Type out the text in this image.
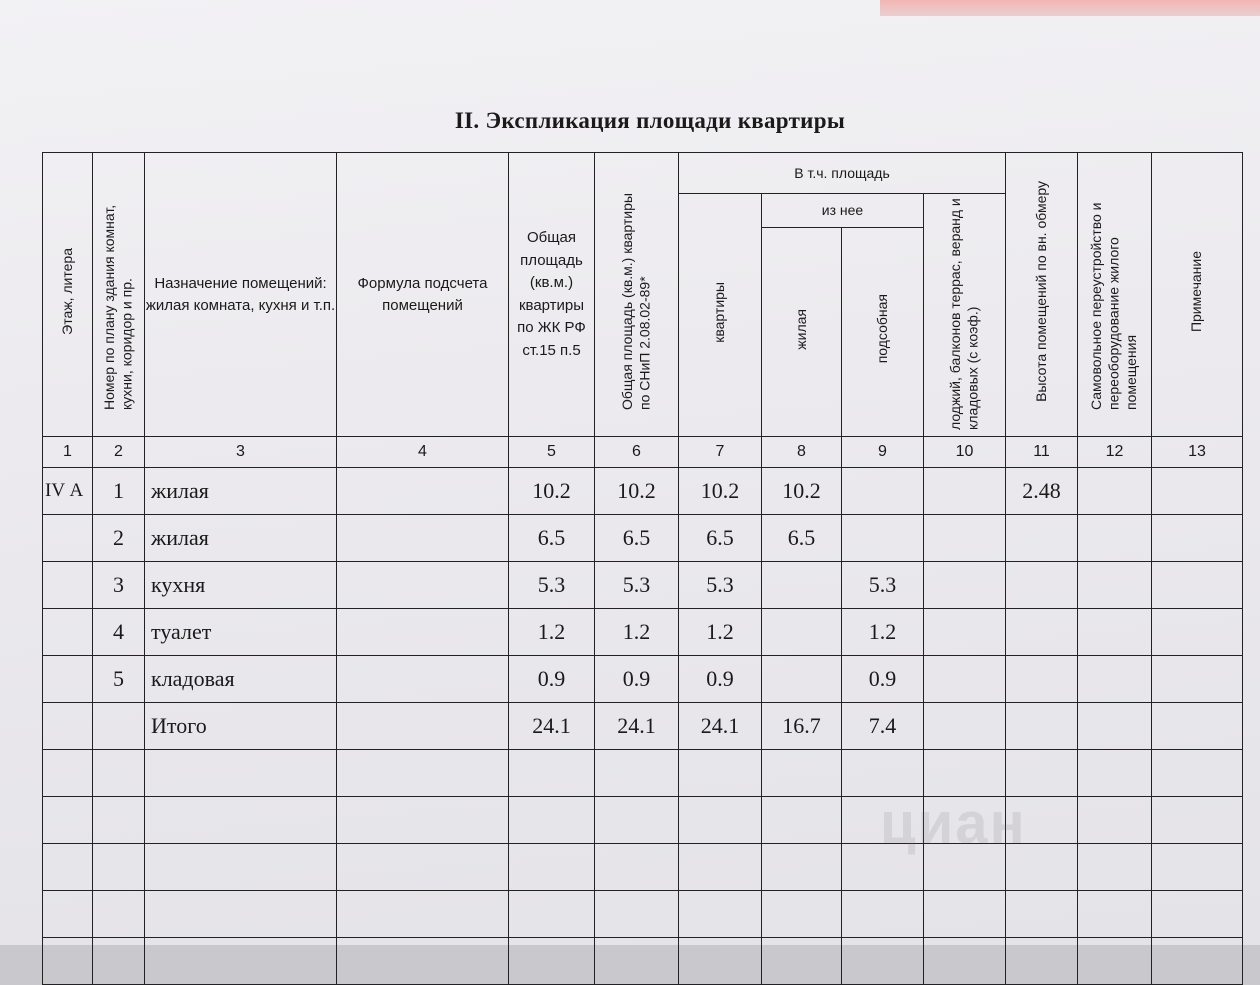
II. Экспликация площади квартиры
Этаж, литера	Номер по плану здания комнат, кухни, коридор и пр.	Назначение помещений: жилая комната, кухня и т.п.	Формула подсчета помещений	Общая площадь (кв.м.) квартиры по ЖК РФ ст.15 п.5	Общая площадь (кв.м.) квартиры по СНиП 2.08.02-89*	В т.ч. площадь				Высота помещений по вн. обмеру	Самовольное переустройство и переоборудование жилого помещения	Примечание
						квартиры	из нее		лоджий, балконов террас, веранд и кладовых (с коэф.)			
							жилая	подсобная				
1	2	3	4	5	6	7	8	9	10	11	12	13
IV А	1	жилая		10.2	10.2	10.2	10.2			2.48		
	2	жилая		6.5	6.5	6.5	6.5					
	3	кухня		5.3	5.3	5.3		5.3				
	4	туалет		1.2	1.2	1.2		1.2				
	5	кладовая		0.9	0.9	0.9		0.9				
		Итого		24.1	24.1	24.1	16.7	7.4				

циан
